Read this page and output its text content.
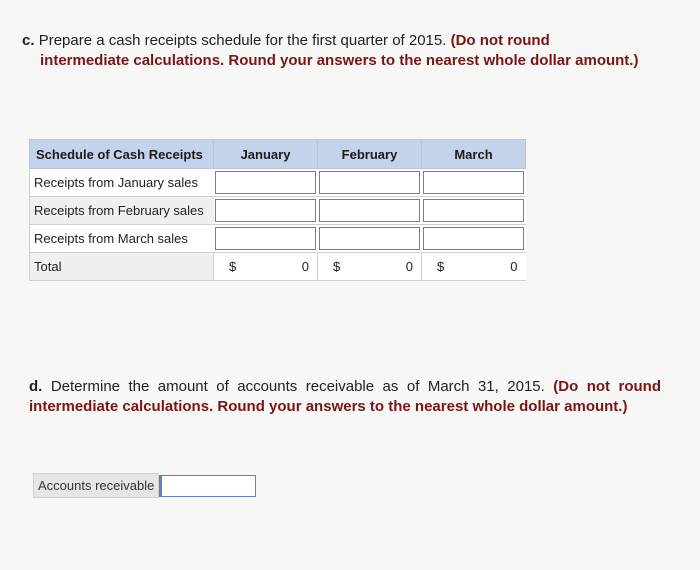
c. Prepare a cash receipts schedule for the first quarter of 2015. (Do not round
intermediate calculations. Round your answers to the nearest whole dollar amount.)
Schedule of Cash Receipts	January	February	March
Receipts from January sales	

Receipts from February sales	

Receipts from March sales	

Total	$ 0	$ 0	$ 0
d. Determine the amount of accounts receivable as of March 31, 2015. (Do not round intermediate calculations. Round your answers to the nearest whole dollar amount.)
Accounts receivable
